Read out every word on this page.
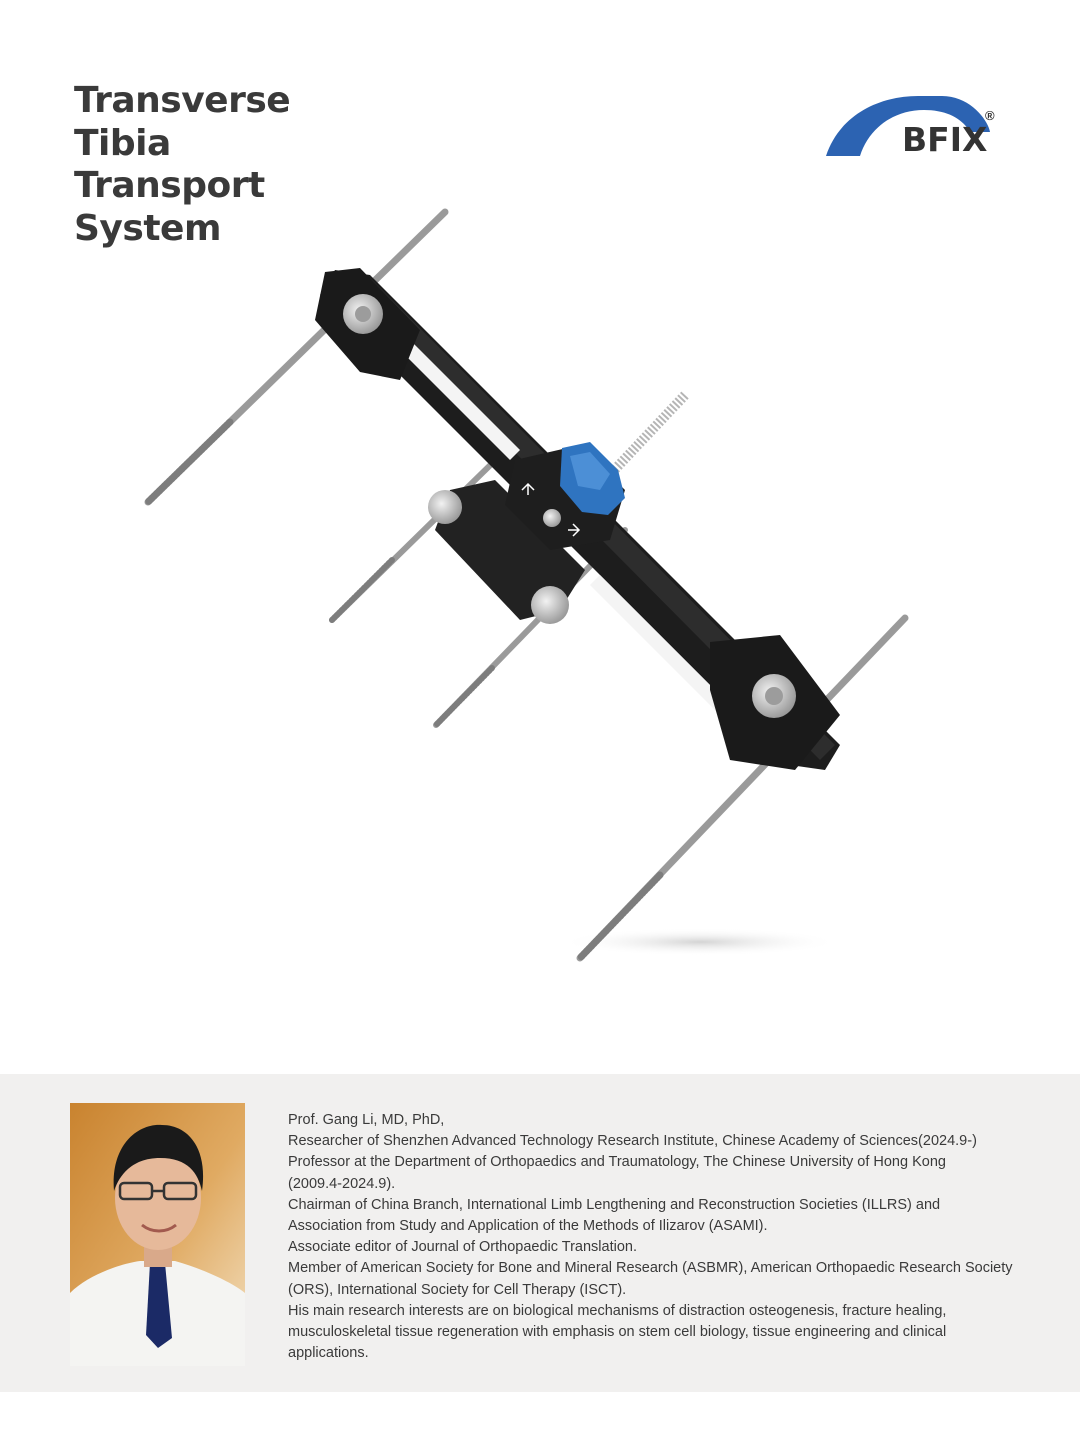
Transverse
Tibia
Transport
System
BFIX
®

Prof. Gang Li, MD, PhD,

Researcher of Shenzhen Advanced Technology Research Institute, Chinese Academy of Sciences(2024.9-)

Professor at the Department of Orthopaedics and Traumatology, The Chinese University of Hong Kong (2009.4-2024.9).

Chairman of China Branch, International Limb Lengthening and Reconstruction Societies (ILLRS) and Association from Study and Application of the Methods of Ilizarov (ASAMI).

Associate editor of Journal of Orthopaedic Translation.

Member of American Society for Bone and Mineral Research (ASBMR), American Orthopaedic Research Society (ORS), International Society for Cell Therapy (ISCT).

His main research interests are on biological mechanisms of distraction osteogenesis, fracture healing, musculoskeletal tissue regeneration with emphasis on stem cell biology, tissue engineering and clinical applications.
